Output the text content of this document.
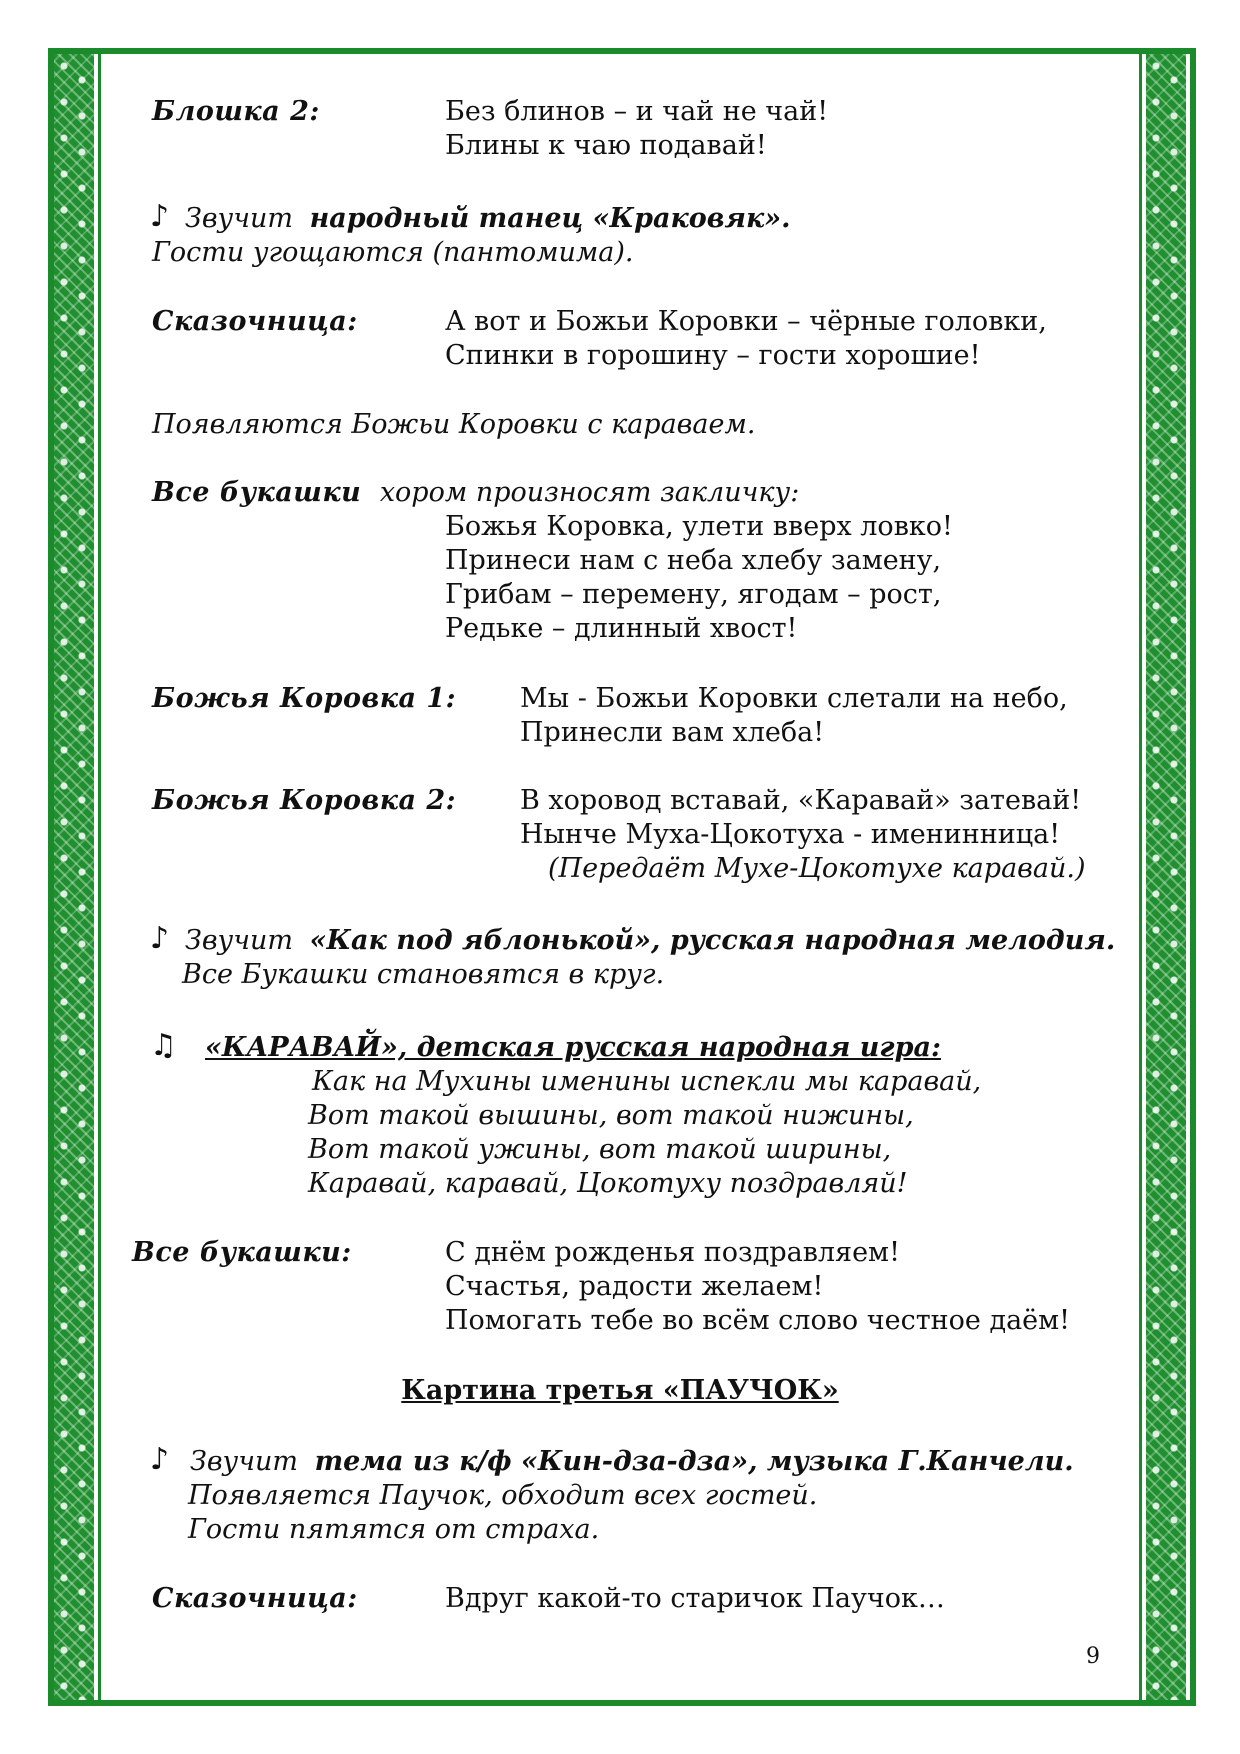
Блошка 2:	Без блинов – и чай не чай!
Блины к чаю подавай!
♪ Звучит народный танец «Краковяк».
Гости угощаются (пантомима).
Сказочница:	А вот и Божьи Коровки – чёрные головки,
Спинки в горошину – гости хорошие!
Появляются Божьи Коровки с караваем.
Все букашки хором произносят закличку:
Божья Коровка, улети вверх ловко!
Принеси нам с неба хлебу замену,
Грибам – перемену, ягодам – рост,
Редьке – длинный хвост!
Божья Коровка 1: Мы - Божьи Коровки слетали на небо,
Принесли вам хлеба!
Божья Коровка 2: В хоровод вставай, «Каравай» затевай!
Нынче Муха-Цокотуха - именинница!
(Передаёт Мухе-Цокотухе каравай.)
♪ Звучит «Как под яблонькой», русская народная мелодия.
Все Букашки становятся в круг.
♫ «КАРАВАЙ», детская русская народная игра:
Как на Мухины именины испекли мы каравай,
Вот такой вышины, вот такой нижины,
Вот такой ужины, вот такой ширины,
Каравай, каравай, Цокотуху поздравляй!
Все букашки:	С днём рожденья поздравляем!
Счастья, радости желаем!
Помогать тебе во всём слово честное даём!
Картина третья «ПАУЧОК»
♪ Звучит тема из к/ф «Кин-дза-дза», музыка Г.Канчели.
Появляется Паучок, обходит всех гостей.
Гости пятятся от страха.
Сказочница:	Вдруг какой-то старичок Паучок…
9
